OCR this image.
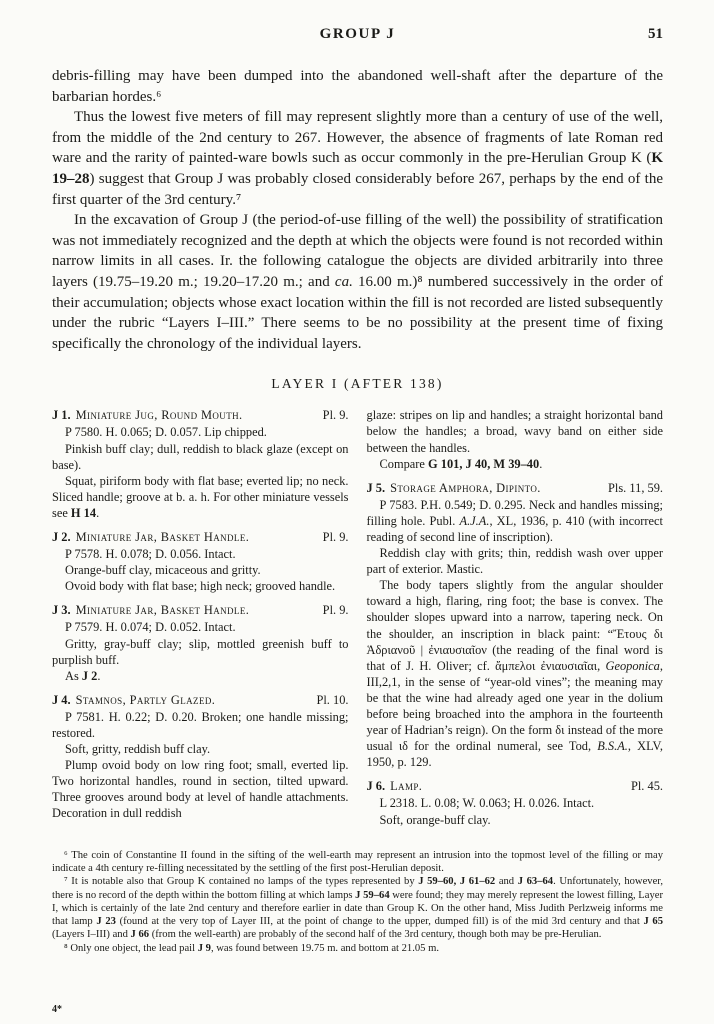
GROUP J	51

debris-filling may have been dumped into the abandoned well-shaft after the departure of the barbarian hordes.⁶

Thus the lowest five meters of fill may represent slightly more than a century of use of the well, from the middle of the 2nd century to 267. However, the absence of fragments of late Roman red ware and the rarity of painted-ware bowls such as occur commonly in the pre-Herulian Group K (K 19–28) suggest that Group J was probably closed considerably before 267, perhaps by the end of the first quarter of the 3rd century.⁷

In the excavation of Group J (the period-of-use filling of the well) the possibility of stratification was not immediately recognized and the depth at which the objects were found is not recorded within narrow limits in all cases. Ir. the following catalogue the objects are divided arbitrarily into three layers (19.75–19.20 m.; 19.20–17.20 m.; and ca. 16.00 m.)⁸ numbered successively in the order of their accumulation; objects whose exact location within the fill is not recorded are listed subsequently under the rubric “Layers I–III.” There seems to be no possibility at the present time of fixing specifically the chronology of the individual layers.

LAYER I (AFTER 138)
J 1. Miniature Jug, Round Mouth.	Pl. 9.

P 7580. H. 0.065; D. 0.057. Lip chipped.

Pinkish buff clay; dull, reddish to black glaze (except on base).

Squat, piriform body with flat base; everted lip; no neck. Sliced handle; groove at b. a. h. For other miniature vessels see H 14.

J 2. Miniature Jar, Basket Handle.	Pl. 9.

P 7578. H. 0.078; D. 0.056. Intact.

Orange-buff clay, micaceous and gritty.

Ovoid body with flat base; high neck; grooved handle.

J 3. Miniature Jar, Basket Handle.	Pl. 9.

P 7579. H. 0.074; D. 0.052. Intact.

Gritty, gray-buff clay; slip, mottled greenish buff to purplish buff.

As J 2.

J 4. Stamnos, Partly Glazed.	Pl. 10.

P 7581. H. 0.22; D. 0.20. Broken; one handle missing; restored.

Soft, gritty, reddish buff clay.

Plump ovoid body on low ring foot; small, everted lip. Two horizontal handles, round in section, tilted upward. Three grooves around body at level of handle attachments. Decoration in dull reddish

glaze: stripes on lip and handles; a straight horizontal band below the handles; a broad, wavy band on either side between the handles.

Compare G 101, J 40, M 39–40.

J 5. Storage Amphora, Dipinto.	Pls. 11, 59.

P 7583. P.H. 0.549; D. 0.295. Neck and handles missing; filling hole. Publ. A.J.A., XL, 1936, p. 410 (with incorrect reading of second line of inscription).

Reddish clay with grits; thin, reddish wash over upper part of exterior. Mastic.

The body tapers slightly from the angular shoulder toward a high, flaring, ring foot; the base is convex. The shoulder slopes upward into a narrow, tapering neck. On the shoulder, an inscription in black paint: “Ἔτους δι Ἁδριανοῦ | ἐνιαυσιαῖον (the reading of the final word is that of J. H. Oliver; cf. ἄμπελοι ἐνιαυσιαῖαι, Geoponica, III,2,1, in the sense of “year-old vines”; the meaning may be that the wine had already aged one year in the dolium before being broached into the amphora in the fourteenth year of Hadrian’s reign). On the form δι instead of the more usual ιδ for the ordinal numeral, see Tod, B.S.A., XLV, 1950, p. 129.

J 6. Lamp.	Pl. 45.

L 2318. L. 0.08; W. 0.063; H. 0.026. Intact.

Soft, orange-buff clay.

⁶ The coin of Constantine II found in the sifting of the well-earth may represent an intrusion into the topmost level of the filling or may indicate a 4th century re-filling necessitated by the settling of the first post-Herulian deposit.

⁷ It is notable also that Group K contained no lamps of the types represented by J 59–60, J 61–62 and J 63–64. Unfortunately, however, there is no record of the depth within the bottom filling at which lamps J 59–64 were found; they may merely represent the lowest filling, Layer I, which is certainly of the late 2nd century and therefore earlier in date than Group K. On the other hand, Miss Judith Perlzweig informs me that lamp J 23 (found at the very top of Layer III, at the point of change to the upper, dumped fill) is of the mid 3rd century and that J 65 (Layers I–III) and J 66 (from the well-earth) are probably of the second half of the 3rd century, though both may be pre-Herulian.

⁸ Only one object, the lead pail J 9, was found between 19.75 m. and bottom at 21.05 m.

4*
